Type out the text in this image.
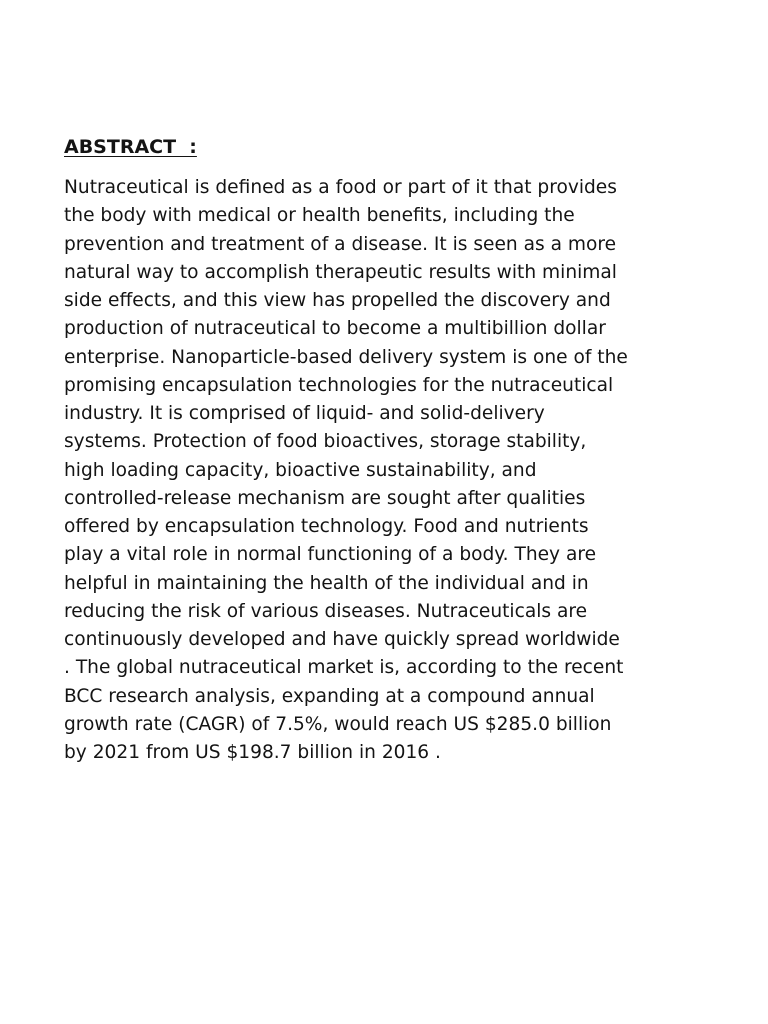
ABSTRACT  :
Nutraceutical is defined as a food or part of it that provides
the body with medical or health benefits, including the
prevention and treatment of a disease. It is seen as a more
natural way to accomplish therapeutic results with minimal
side effects, and this view has propelled the discovery and
production of nutraceutical to become a multibillion dollar
enterprise. Nanoparticle-based delivery system is one of the
promising encapsulation technologies for the nutraceutical
industry. It is comprised of liquid- and solid-delivery
systems. Protection of food bioactives, storage stability,
high loading capacity, bioactive sustainability, and
controlled-release mechanism are sought after qualities
offered by encapsulation technology. Food and nutrients
play a vital role in normal functioning of a body. They are
helpful in maintaining the health of the individual and in
reducing the risk of various diseases. Nutraceuticals are
continuously developed and have quickly spread worldwide
. The global nutraceutical market is, according to the recent
BCC research analysis, expanding at a compound annual
growth rate (CAGR) of 7.5%, would reach US $285.0 billion
by 2021 from US $198.7 billion in 2016 .
